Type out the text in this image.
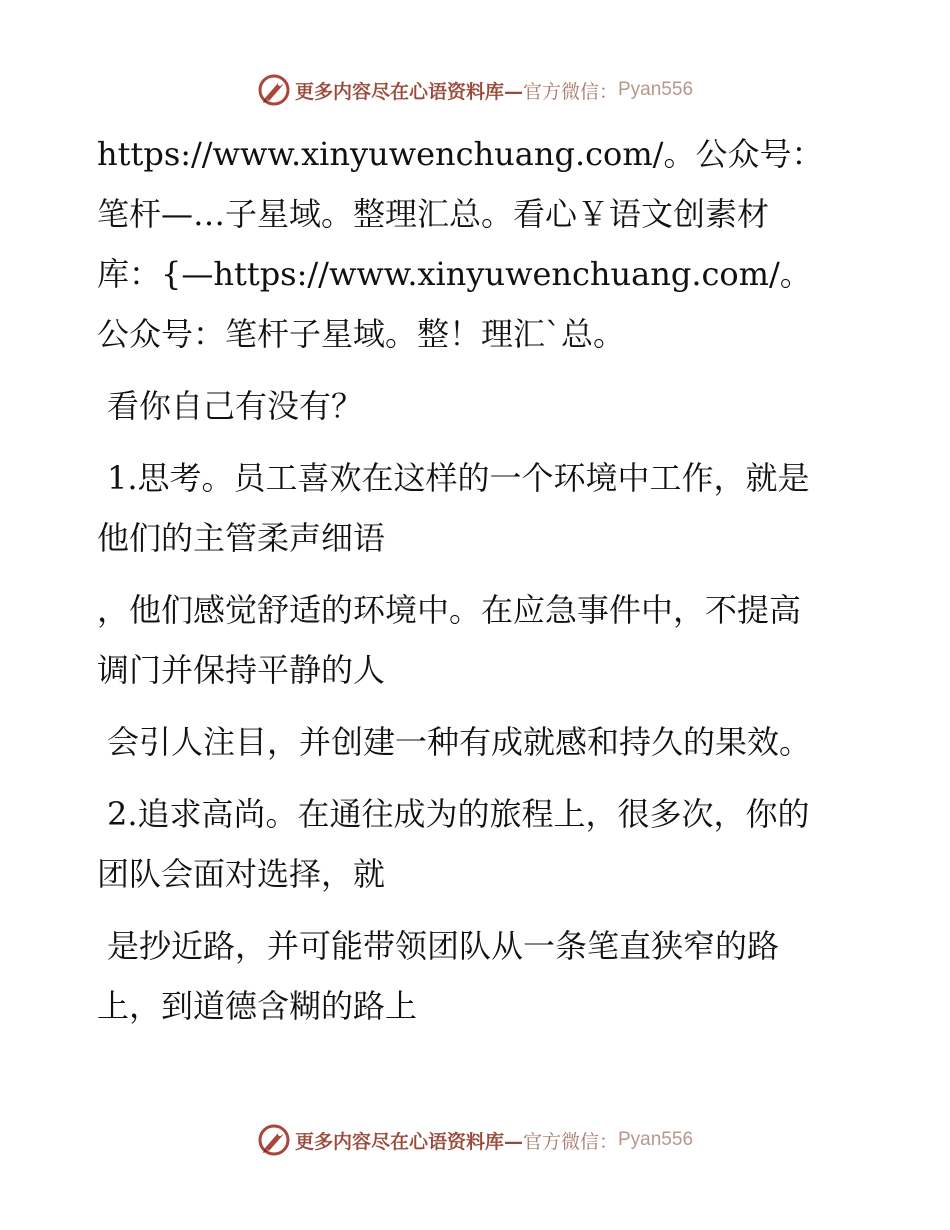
更多内容尽在心语资料库— 官方微信： Pyan556

https://www.xinyuwenchuang.com/。公众号：笔杆—…子星域。整理汇总。看心￥语文创素材库：{—https://www.xinyuwenchuang.com/。公众号：笔杆子星域。整！理汇`总。

看你自己有没有？

1.思考。员工喜欢在这样的一个环境中工作，就是他们的主管柔声细语

，他们感觉舒适的环境中。在应急事件中，不提高调门并保持平静的人

会引人注目，并创建一种有成就感和持久的果效。

2.追求高尚。在通往成为的旅程上，很多次，你的团队会面对选择，就

是抄近路，并可能带领团队从一条笔直狭窄的路上，到道德含糊的路上

更多内容尽在心语资料库— 官方微信： Pyan556
